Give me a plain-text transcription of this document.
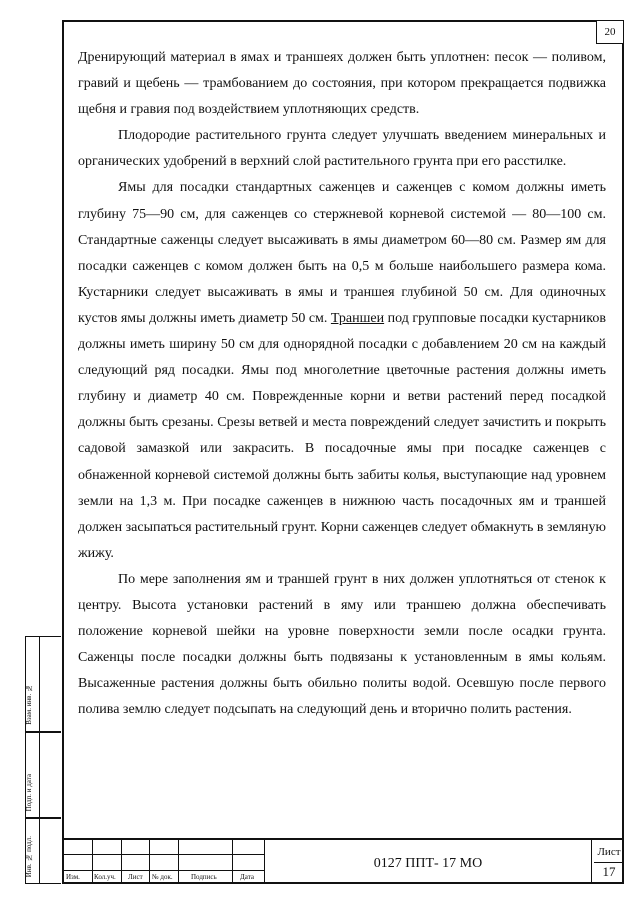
20

Дренирующий материал в ямах и траншеях должен быть уплотнен: песок — поливом, гравий и щебень — трамбованием до состояния, при котором прекращается подвижка щебня и гравия под воздействием уплотняющих средств.

Плодородие растительного грунта следует улучшать введением минеральных и органических удобрений в верхний слой растительного грунта при его расстилке.

Ямы для посадки стандартных саженцев и саженцев с комом должны иметь глубину 75—90 см, для саженцев со стержневой корневой системой — 80—100 см. Стандартные саженцы следует высаживать в ямы диаметром 60—80 см. Размер ям для посадки саженцев с комом должен быть на 0,5 м больше наибольшего размера кома. Кустарники следует высаживать в ямы и траншея глубиной 50 см. Для одиночных кустов ямы должны иметь диаметр 50 см. Траншеи под групповые посадки кустарников должны иметь ширину 50 см для однорядной посадки с добавлением 20 см на каждый следующий ряд посадки. Ямы под многолетние цветочные растения должны иметь глубину и диаметр 40 см. Поврежденные корни и ветви растений перед посадкой должны быть срезаны. Срезы ветвей и места повреждений следует зачистить и покрыть садовой замазкой или закрасить. В посадочные ямы при посадке саженцев с обнаженной корневой системой должны быть забиты колья, выступающие над уровнем земли на 1,3 м. При посадке саженцев в нижнюю часть посадочных ям и траншей должен засыпаться растительный грунт. Корни саженцев следует обмакнуть в земляную жижу.

По мере заполнения ям и траншей грунт в них должен уплотняться от стенок к центру. Высота установки растений в яму или траншею должна обеспечивать положение корневой шейки на уровне поверхности земли после осадки грунта. Саженцы после посадки должны быть подвязаны к установленным в ямы кольям. Высаженные растения должны быть обильно политы водой. Осевшую после первого полива землю следует подсыпать на следующий день и вторично полить растения.

Взам. инв. №
Подп. и дата
Инв. № подл.	Изм. Кол.уч. Лист № док.	Подпись	Дата
0127 ППТ- 17 МО
Лист
17
